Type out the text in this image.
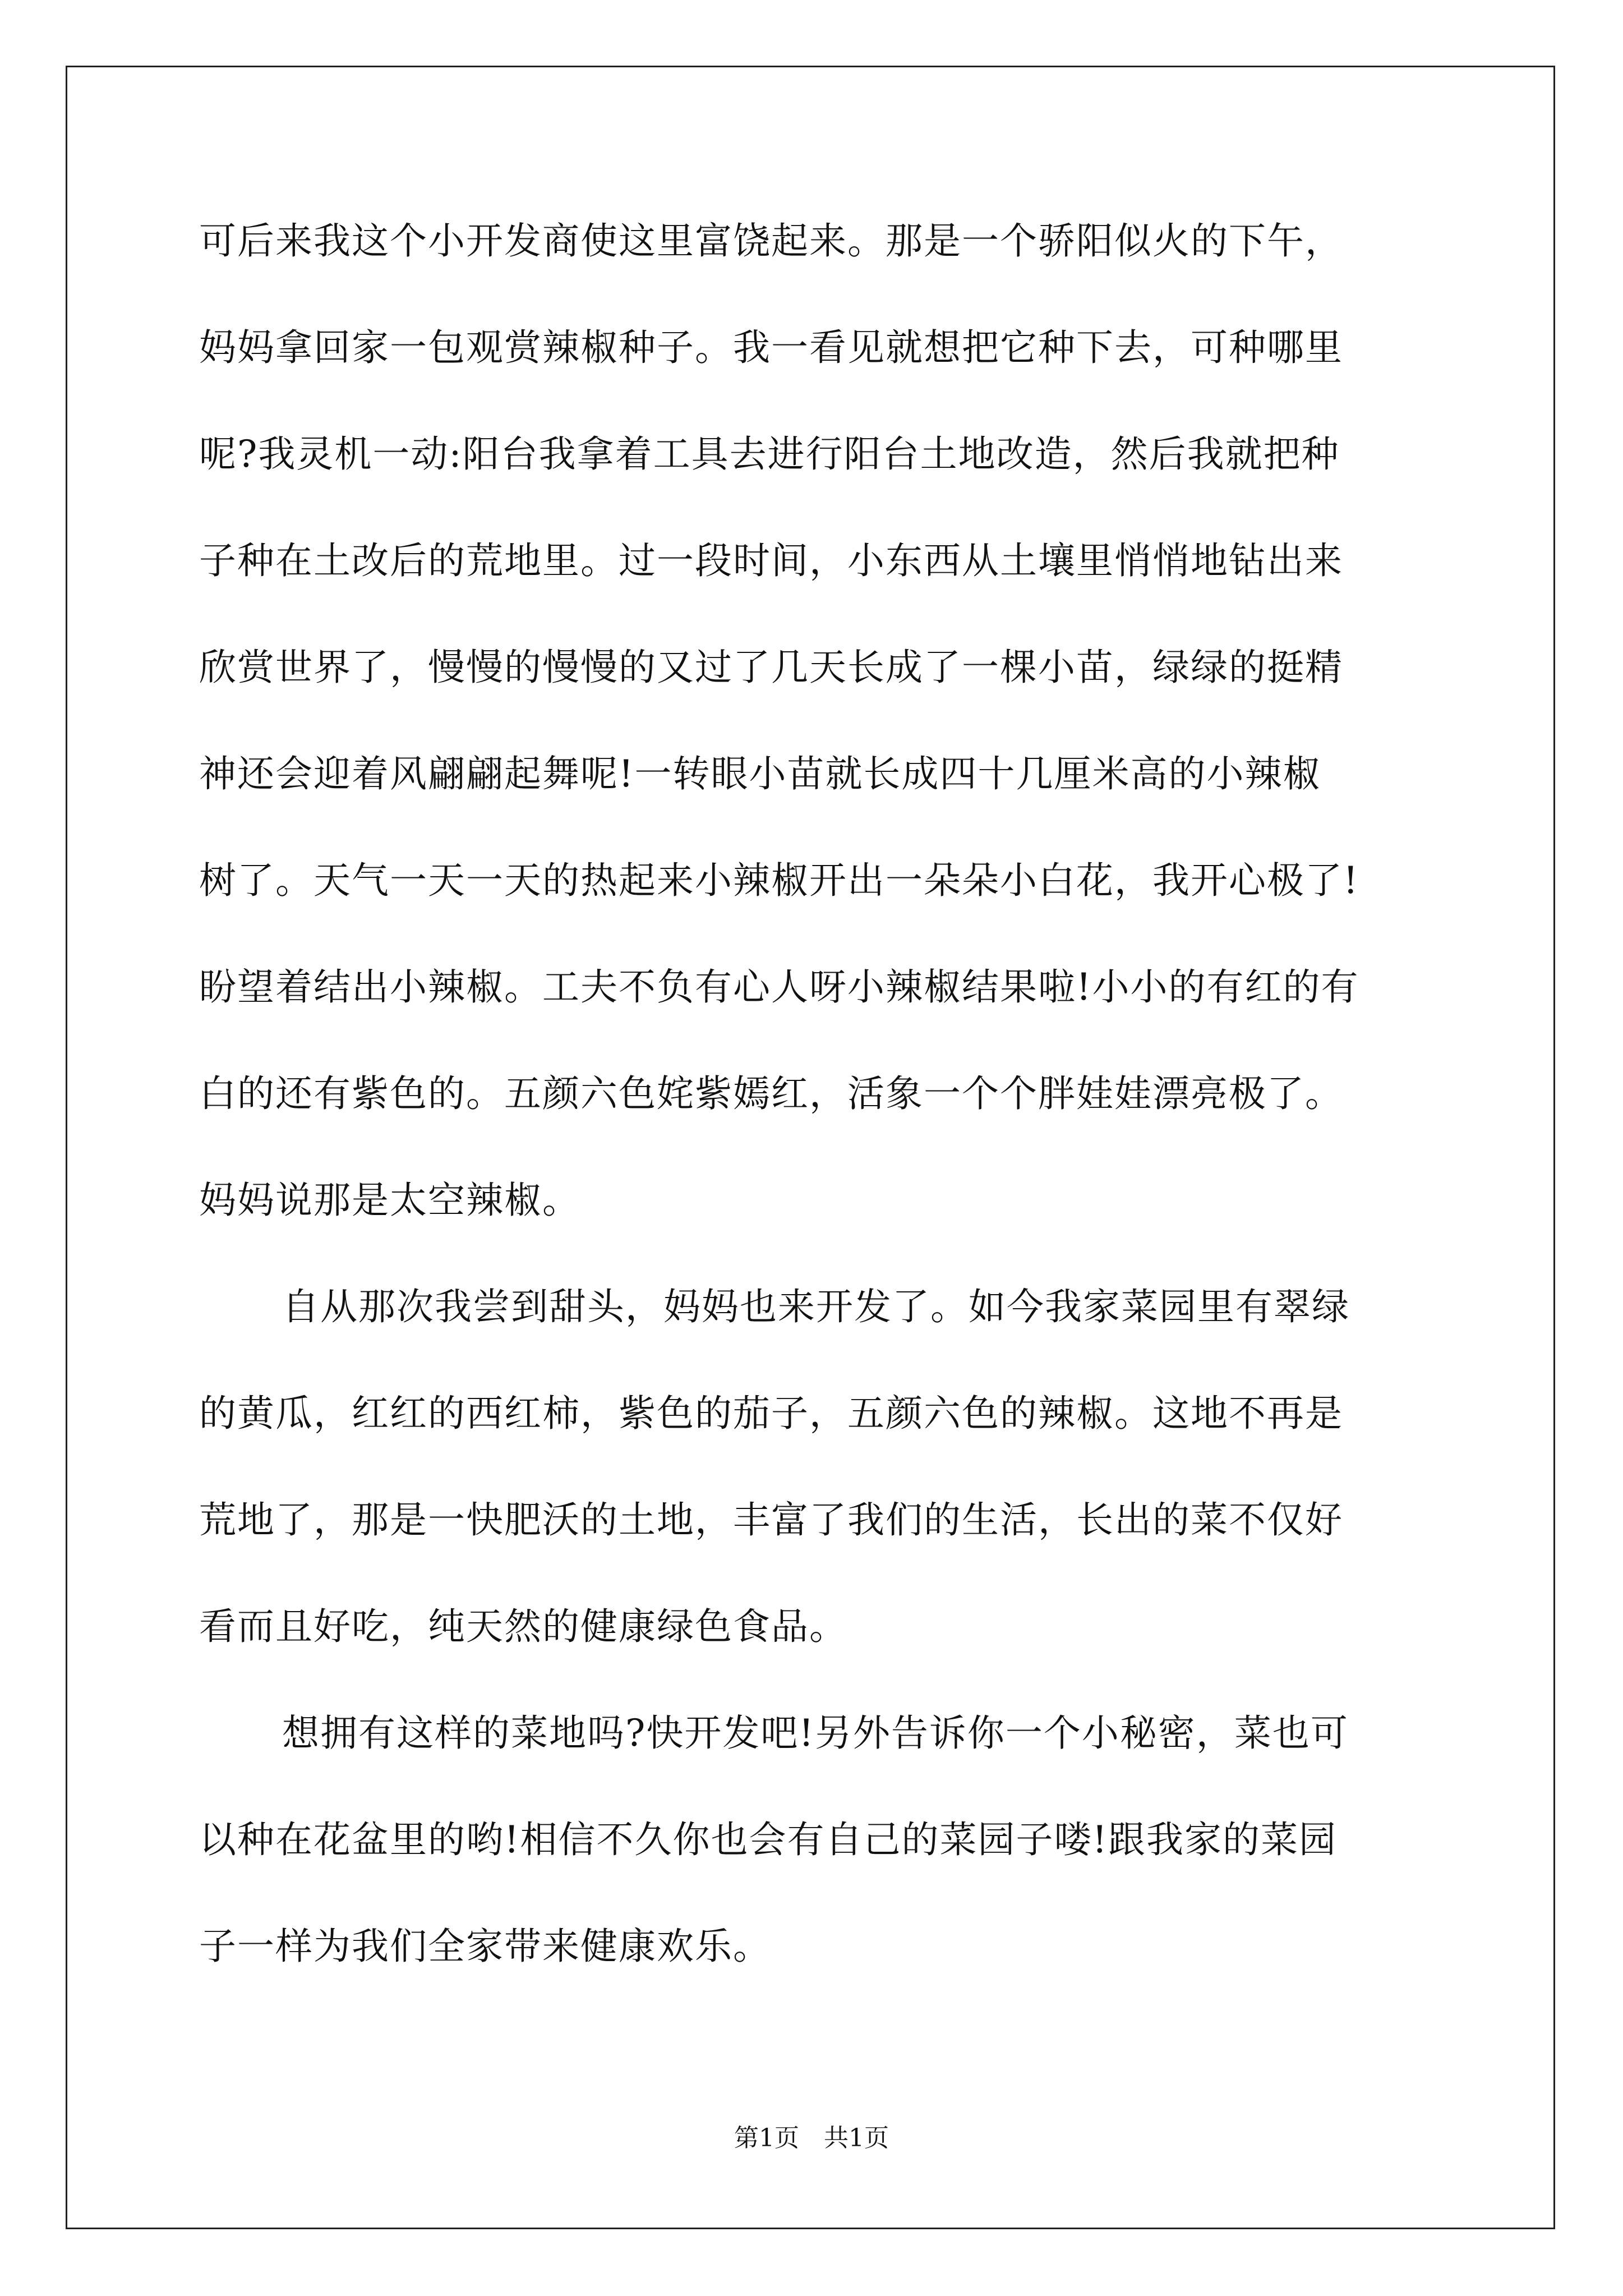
可后来我这个小开发商使这里富饶起来。那是一个骄阳似火的下午，
妈妈拿回家一包观赏辣椒种子。我一看见就想把它种下去，可种哪里
呢?我灵机一动:阳台我拿着工具去进行阳台土地改造，然后我就把种
子种在土改后的荒地里。过一段时间，小东西从土壤里悄悄地钻出来
欣赏世界了，慢慢的慢慢的又过了几天长成了一棵小苗，绿绿的挺精
神还会迎着风翩翩起舞呢!一转眼小苗就长成四十几厘米高的小辣椒
树了。天气一天一天的热起来小辣椒开出一朵朵小白花，我开心极了!
盼望着结出小辣椒。工夫不负有心人呀小辣椒结果啦!小小的有红的有
白的还有紫色的。五颜六色姹紫嫣红，活象一个个胖娃娃漂亮极了。
妈妈说那是太空辣椒。
自从那次我尝到甜头，妈妈也来开发了。如今我家菜园里有翠绿
的黄瓜，红红的西红柿，紫色的茄子，五颜六色的辣椒。这地不再是
荒地了，那是一快肥沃的土地，丰富了我们的生活，长出的菜不仅好
看而且好吃，纯天然的健康绿色食品。
想拥有这样的菜地吗?快开发吧!另外告诉你一个小秘密，菜也可
以种在花盆里的哟!相信不久你也会有自己的菜园子喽!跟我家的菜园
子一样为我们全家带来健康欢乐。
第1页　共1页
